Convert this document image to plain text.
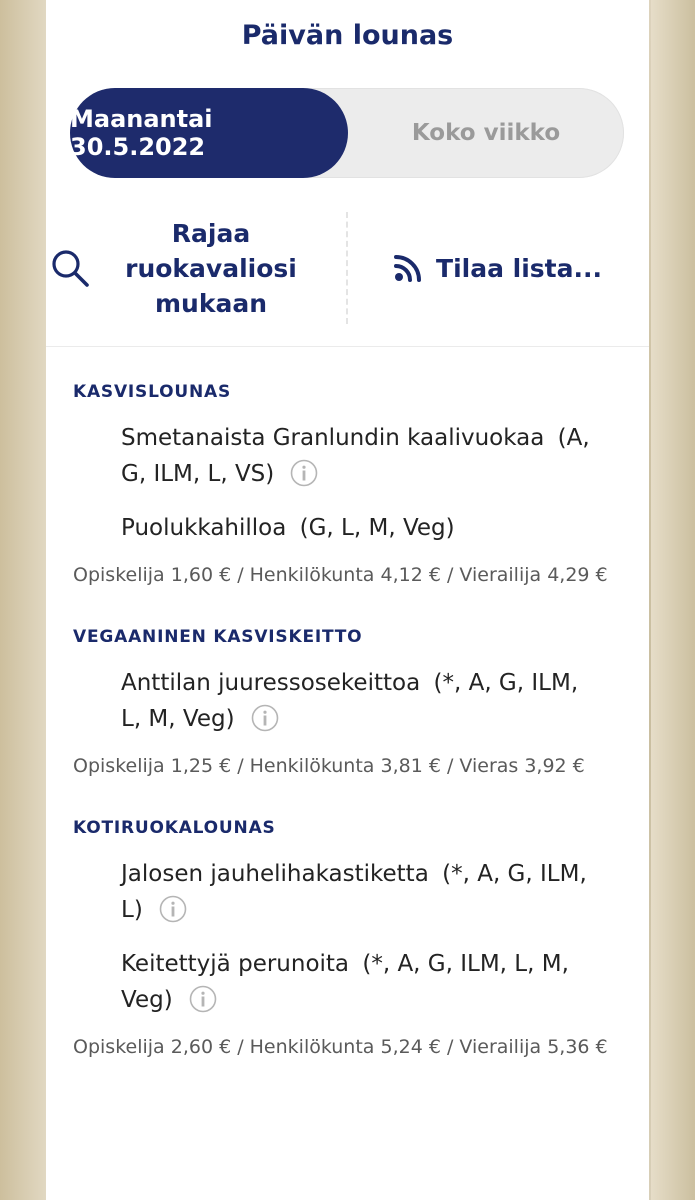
Päivän lounas
Maanantai 30.5.2022	Koko viikko
Rajaa ruokavaliosi mukaan
Tilaa lista...
KASVISLOUNAS
Smetanaista Granlundin kaalivuokaa (A, G, ILM, L, VS)
Puolukkahilloa (G, L, M, Veg)
Opiskelija 1,60 € / Henkilökunta 4,12 € / Vierailija 4,29 €
VEGAANINEN KASVISKEITTO
Anttilan juuressosekeittoa (*, A, G, ILM, L, M, Veg)
Opiskelija 1,25 € / Henkilökunta 3,81 € / Vieras 3,92 €
KOTIRUOKALOUNAS
Jalosen jauhelihakastiketta (*, A, G, ILM, L)
Keitettyjä perunoita (*, A, G, ILM, L, M, Veg)
Opiskelija 2,60 € / Henkilökunta 5,24 € / Vierailija 5,36 €
